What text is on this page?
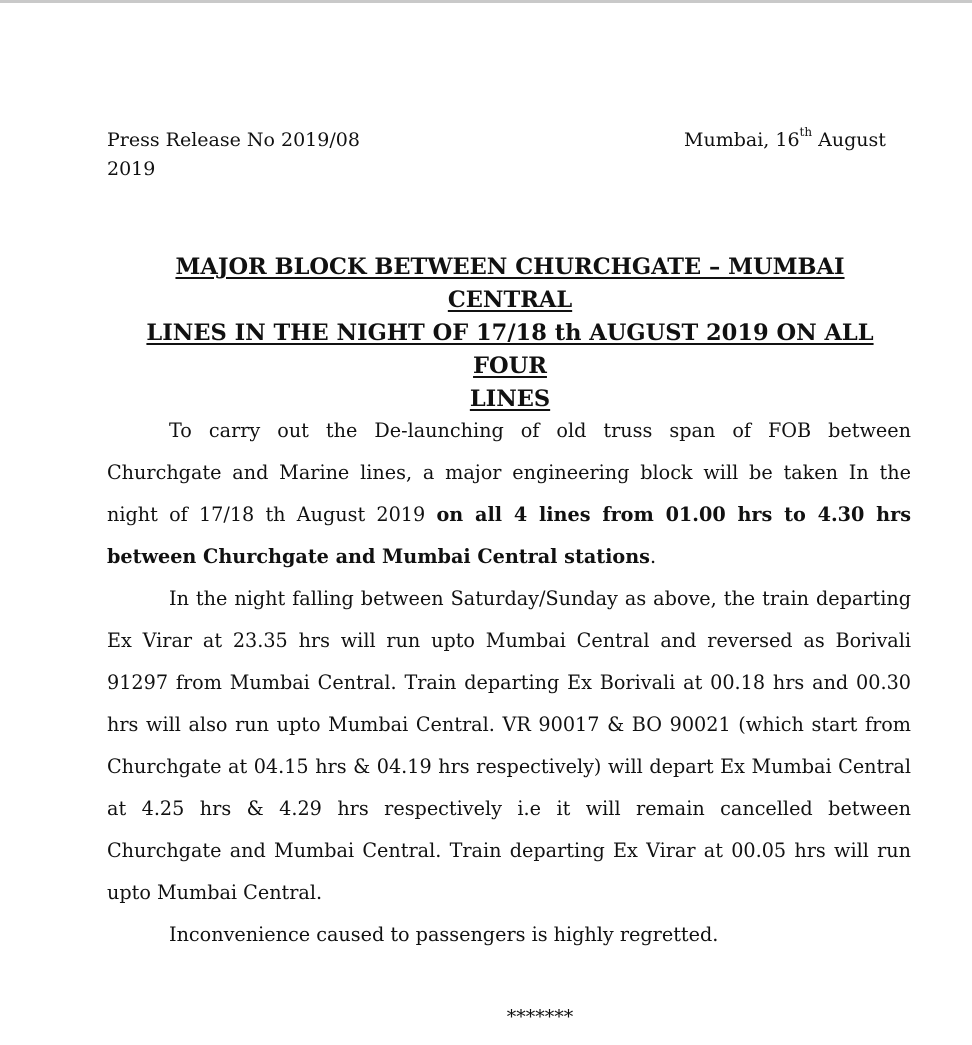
Press Release No 2019/08
2019
Mumbai, 16th August
MAJOR BLOCK BETWEEN CHURCHGATE – MUMBAI CENTRAL
LINES IN THE NIGHT OF 17/18 th AUGUST 2019 ON ALL FOUR
LINES

To carry out the De-launching of old truss span of FOB between Churchgate and Marine lines, a major engineering block will be taken In the night of 17/18 th August 2019 on all 4 lines from 01.00 hrs to 4.30 hrs between Churchgate and Mumbai Central stations.

In the night falling between Saturday/Sunday as above, the train departing Ex Virar at 23.35 hrs will run upto Mumbai Central and reversed as Borivali 91297 from Mumbai Central. Train departing Ex Borivali at 00.18 hrs and 00.30 hrs will also run upto Mumbai Central. VR 90017 & BO 90021 (which start from Churchgate at 04.15 hrs & 04.19 hrs respectively) will depart Ex Mumbai Central at 4.25 hrs & 4.29 hrs respectively i.e it will remain cancelled between Churchgate and Mumbai Central. Train departing Ex Virar at 00.05 hrs will run upto Mumbai Central.

Inconvenience caused to passengers is highly regretted.

*******
